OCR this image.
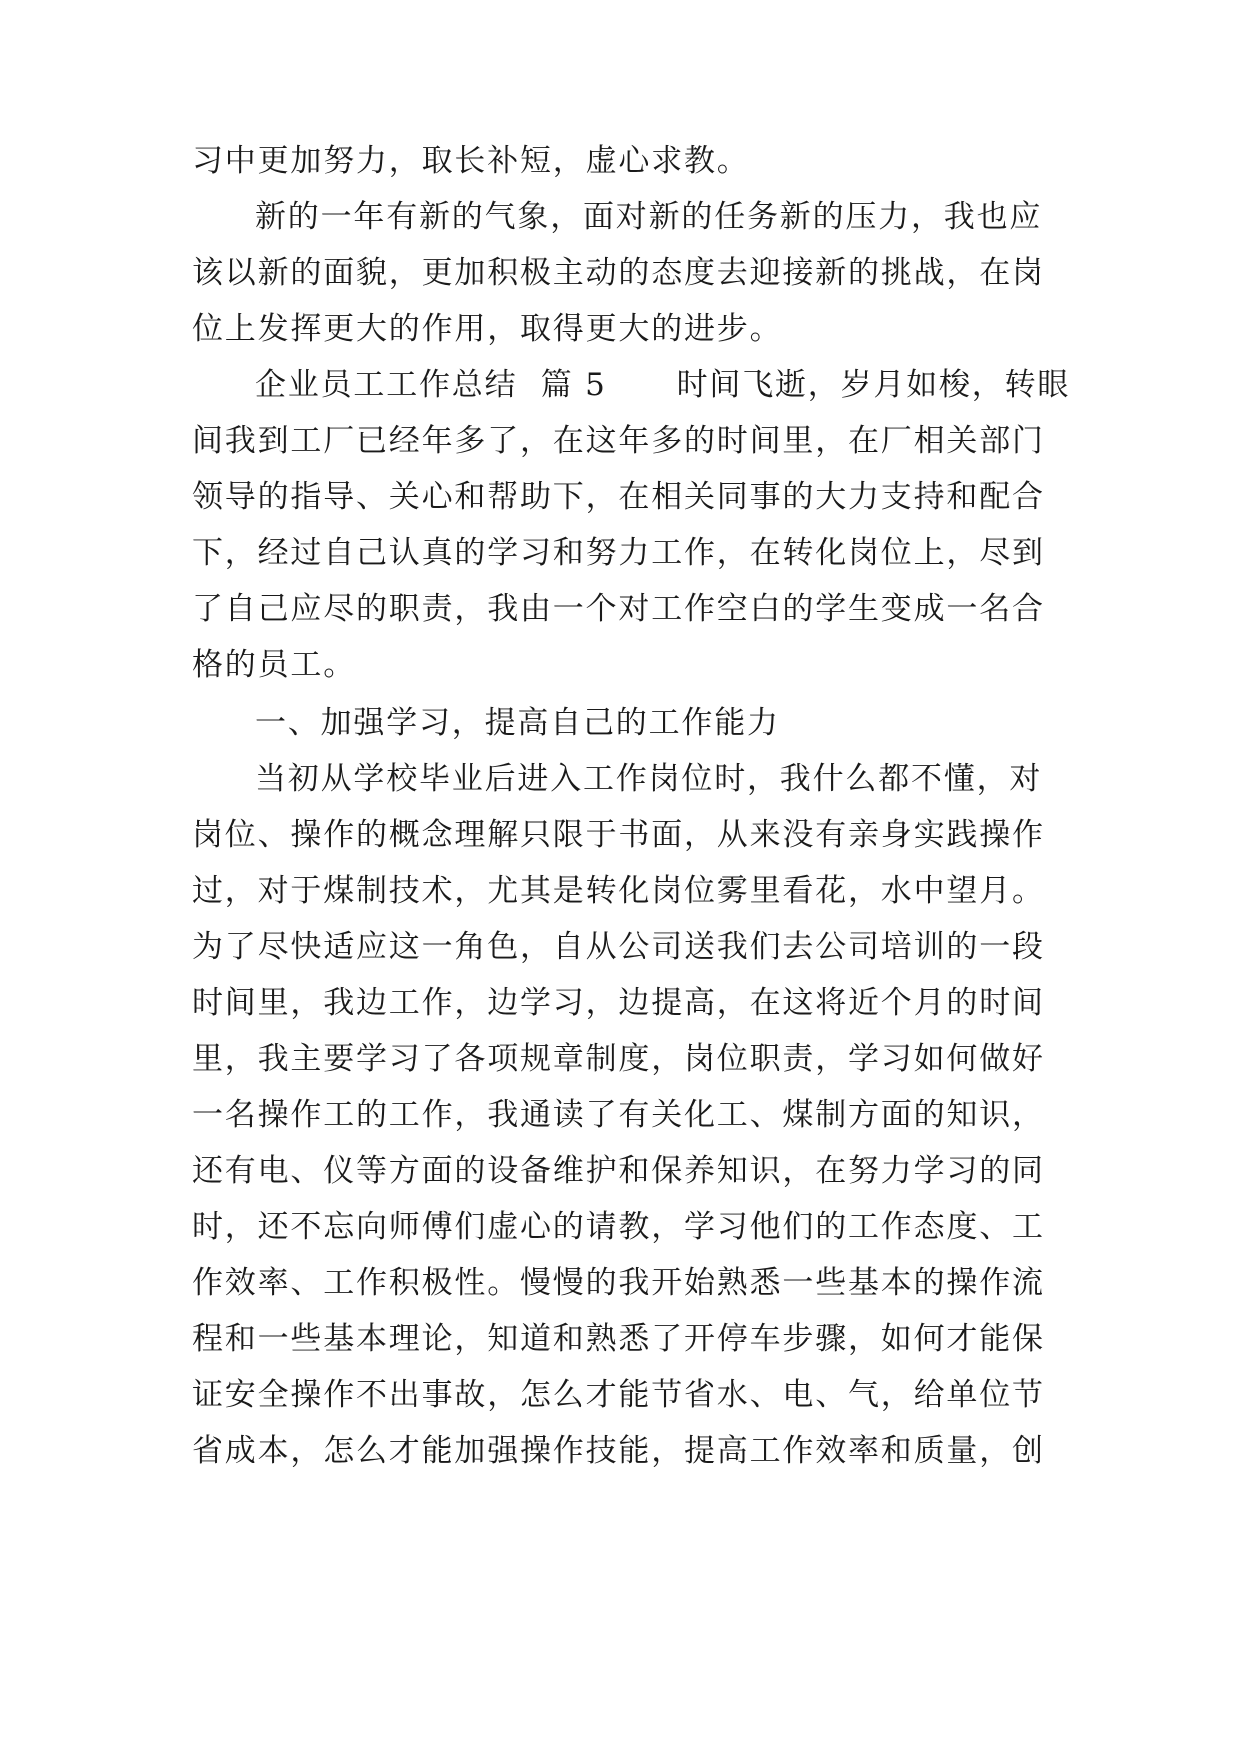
习中更加努力，取长补短，虚心求教。
新的一年有新的气象，面对新的任务新的压力，我也应
该以新的面貌，更加积极主动的态度去迎接新的挑战，在岗
位上发挥更大的作用，取得更大的进步。
企业员工工作总结  篇 5      时间飞逝，岁月如梭，转眼
间我到工厂已经年多了，在这年多的时间里，在厂相关部门
领导的指导、关心和帮助下，在相关同事的大力支持和配合
下，经过自己认真的学习和努力工作，在转化岗位上，尽到
了自己应尽的职责，我由一个对工作空白的学生变成一名合
格的员工。
一、加强学习，提高自己的工作能力
当初从学校毕业后进入工作岗位时，我什么都不懂，对
岗位、操作的概念理解只限于书面，从来没有亲身实践操作
过，对于煤制技术，尤其是转化岗位雾里看花，水中望月。
为了尽快适应这一角色，自从公司送我们去公司培训的一段
时间里，我边工作，边学习，边提高，在这将近个月的时间
里，我主要学习了各项规章制度，岗位职责，学习如何做好
一名操作工的工作，我通读了有关化工、煤制方面的知识，
还有电、仪等方面的设备维护和保养知识，在努力学习的同
时，还不忘向师傅们虚心的请教，学习他们的工作态度、工
作效率、工作积极性。慢慢的我开始熟悉一些基本的操作流
程和一些基本理论，知道和熟悉了开停车步骤，如何才能保
证安全操作不出事故，怎么才能节省水、电、气，给单位节
省成本，怎么才能加强操作技能，提高工作效率和质量，创
